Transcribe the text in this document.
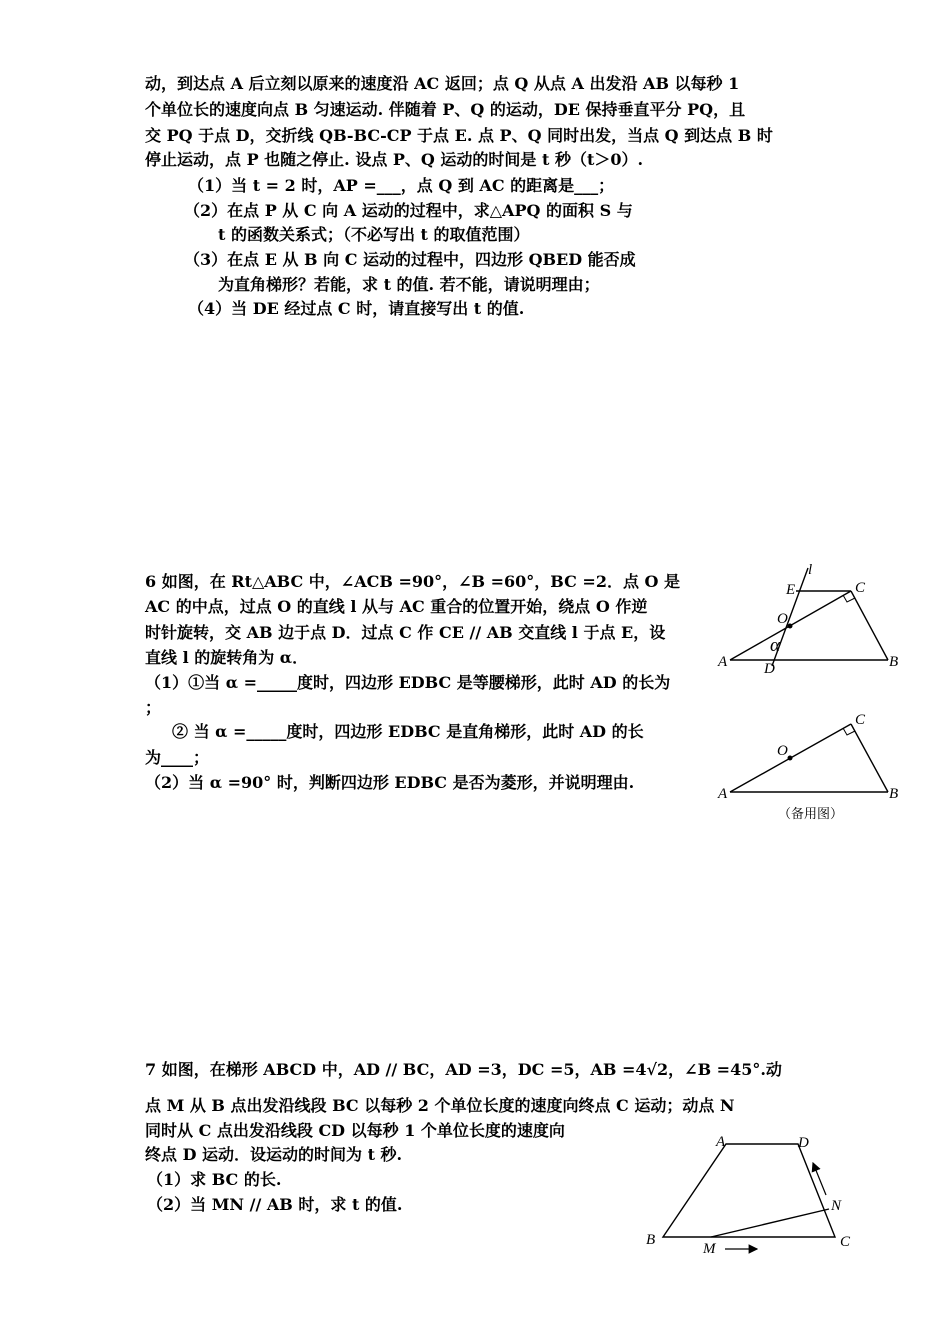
动，到达点 A 后立刻以原来的速度沿 AC 返回；点 Q 从点 A 出发沿 AB 以每秒 1
个单位长的速度向点 B 匀速运动. 伴随着 P、Q 的运动，DE 保持垂直平分 PQ，且
交 PQ 于点 D，交折线 QB-BC-CP 于点 E. 点 P、Q 同时出发，当点 Q 到达点 B 时
停止运动，点 P 也随之停止. 设点 P、Q 运动的时间是 t 秒（t＞0）.
（1）当 t = 2 时，AP =___，点 Q 到 AC 的距离是___；
（2）在点 P 从 C 向 A 运动的过程中，求△APQ 的面积 S 与
t 的函数关系式；（不必写出 t 的取值范围）
（3）在点 E 从 B 向 C 运动的过程中，四边形 QBED 能否成
为直角梯形？若能，求 t 的值. 若不能，请说明理由；
（4）当 DE 经过点 C 时，请直接写出 t 的值.
6 如图，在 Rt△ABC 中，∠ACB =90°，∠B =60°，BC =2．点 O 是
AC 的中点，过点 O 的直线 l 从与 AC 重合的位置开始，绕点 O 作逆
时针旋转，交 AB 边于点 D．过点 C 作 CE // AB 交直线 l 于点 E，设
直线 l 的旋转角为 α．
（1）①当 α =_____度时，四边形 EDBC 是等腰梯形，此时 AD 的长为
；
② 当 α =_____度时，四边形 EDBC 是直角梯形，此时 AD 的长
为____；
（2）当 α =90° 时，判断四边形 EDBC 是否为菱形，并说明理由.
A	B
C
D
E
O
l
α
A	B
C
O
（备用图）
7 如图，在梯形 ABCD 中，AD // BC，AD =3，DC =5，AB =4√2，∠B =45°.动
点 M 从 B 点出发沿线段 BC 以每秒 2 个单位长度的速度向终点 C 运动；动点 N
同时从 C 点出发沿线段 CD 以每秒 1 个单位长度的速度向
终点 D 运动．设运动的时间为 t 秒.
（1）求 BC 的长.
（2）当 MN // AB 时，求 t 的值.
A
B	C
D
M
N
